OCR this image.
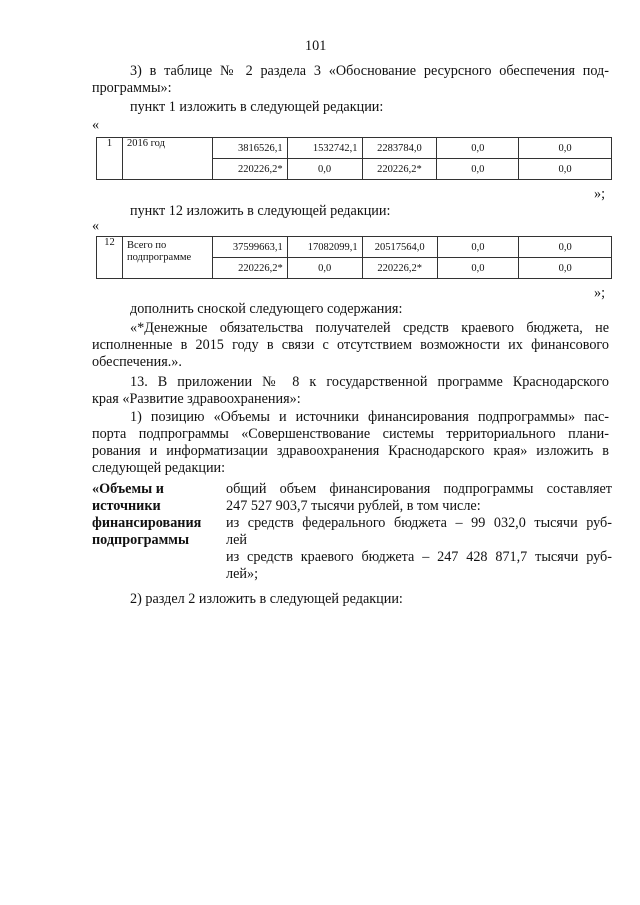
101
3) в таблице № 2 раздела 3 «Обоснование ресурсного обеспечения под-
программы»:
пункт 1 изложить в следующей редакции:
«
1	2016 год	3816526,1	1532742,1	2283784,0	0,0	0,0
		220226,2*	0,0	220226,2*	0,0	0,0
»;
пункт 12 изложить в следующей редакции:
«
12	Всего по
подпрограмме	37599663,1	17082099,1	20517564,0	0,0	0,0
		220226,2*	0,0	220226,2*	0,0	0,0
»;
дополнить сноской следующего содержания:
«*Денежные обязательства получателей средств краевого бюджета, не
исполненные в 2015 году в связи с отсутствием возможности их финансового
обеспечения.».
13. В приложении № 8 к государственной программе Краснодарского
края «Развитие здравоохранения»:
1) позицию «Объемы и источники финансирования подпрограммы» пас-
порта подпрограммы «Совершенствование системы территориального плани-
рования и информатизации здравоохранения Краснодарского края» изложить в
следующей редакции:
«Объемы и
источники
финансирования
подпрограммы
общий объем финансирования подпрограммы составляет
247 527 903,7 тысячи рублей, в том числе:
из средств федерального бюджета – 99 032,0 тысячи руб-
лей
из средств краевого бюджета – 247 428 871,7 тысячи руб-
лей»;
2) раздел 2 изложить в следующей редакции:
